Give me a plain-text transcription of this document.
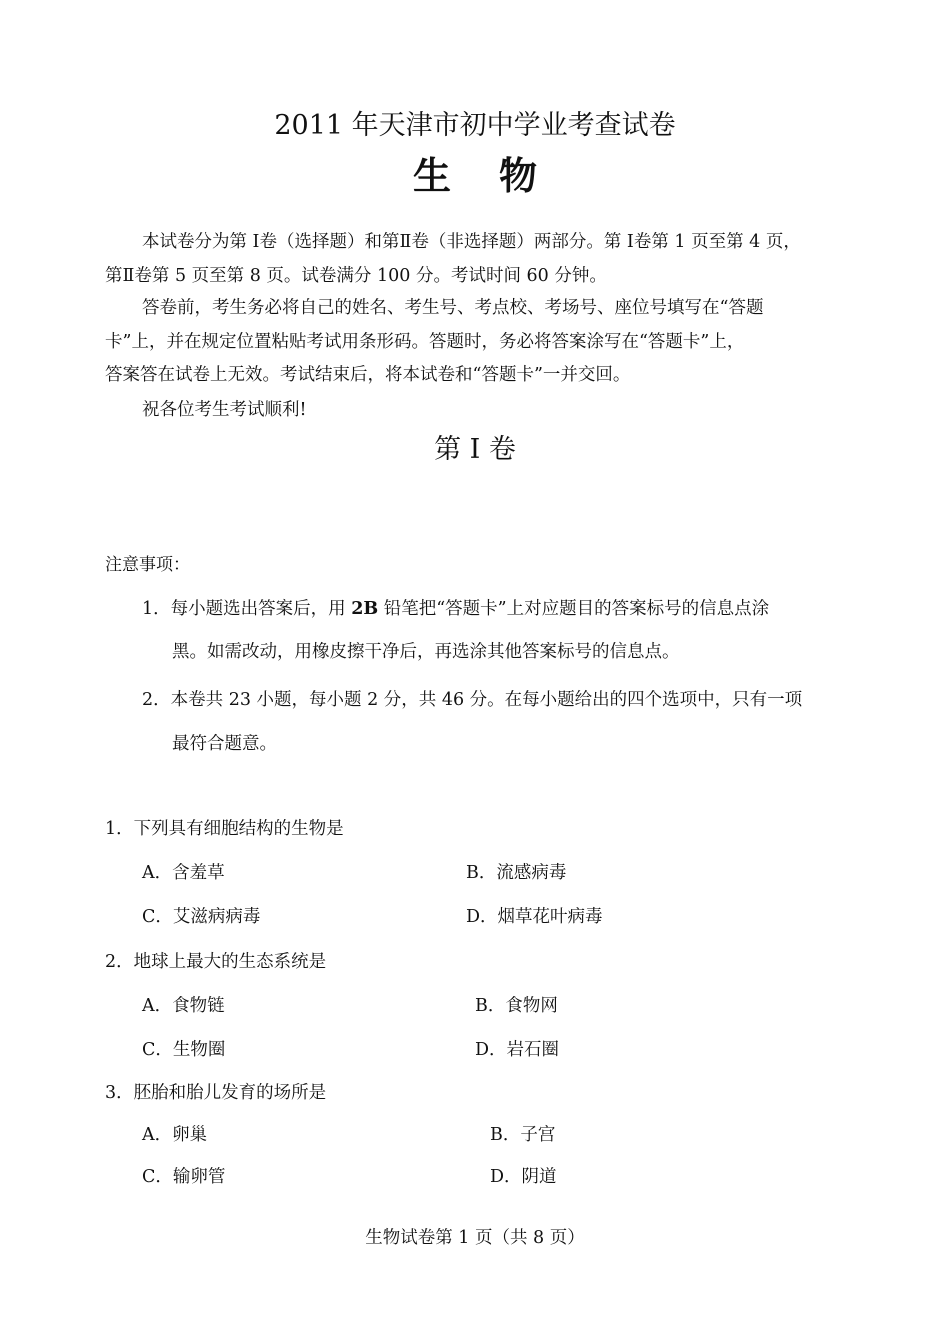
2011 年天津市初中学业考查试卷
生 物
本试卷分为第 I卷（选择题）和第Ⅱ卷（非选择题）两部分。第 I卷第 1 页至第 4 页，
第Ⅱ卷第 5 页至第 8 页。试卷满分 100 分。考试时间 60 分钟。
答卷前，考生务必将自己的姓名、考生号、考点校、考场号、座位号填写在“答题
卡”上，并在规定位置粘贴考试用条形码。答题时，务必将答案涂写在“答题卡”上，
答案答在试卷上无效。考试结束后，将本试卷和“答题卡”一并交回。
祝各位考生考试顺利!
第 I 卷
注意事项：
1．每小题选出答案后，用 2B 铅笔把“答题卡”上对应题目的答案标号的信息点涂
黑。如需改动，用橡皮擦干净后，再选涂其他答案标号的信息点。
2．本卷共 23 小题，每小题 2 分，共 46 分。在每小题给出的四个选项中，只有一项
最符合题意。
1．下列具有细胞结构的生物是
A．含羞草	B．流感病毒
C．艾滋病病毒	D．烟草花叶病毒
2．地球上最大的生态系统是
A．食物链	B．食物网
C．生物圈	D．岩石圈
3．胚胎和胎儿发育的场所是
A．卵巢	B．子宫
C．输卵管	D．阴道
生物试卷第 1 页（共 8 页）
